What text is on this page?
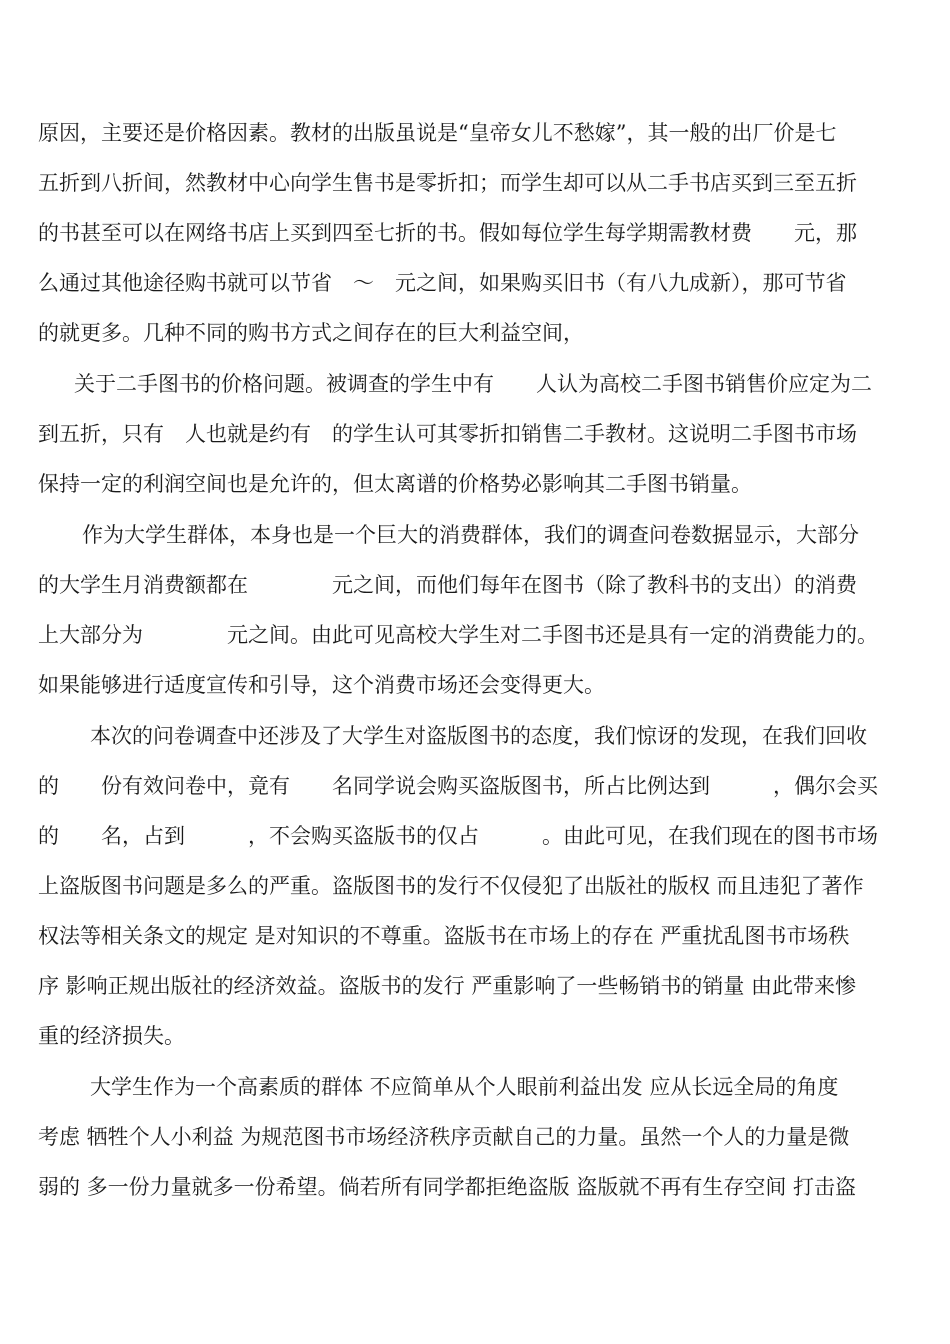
原因，主要还是价格因素。教材的出版虽说是“皇帝女儿不愁嫁”，其一般的出厂价是七
五折到八折间，然教材中心向学生售书是零折扣；而学生却可以从二手书店买到三至五折
的书甚至可以在网络书店上买到四至七折的书。假如每位学生每学期需教材费　　元，那
么通过其他途径购书就可以节省　～　元之间，如果购买旧书（有八九成新），那可节省
的就更多。几种不同的购书方式之间存在的巨大利益空间，
关于二手图书的价格问题。被调查的学生中有　　人认为高校二手图书销售价应定为二
到五折，只有　人也就是约有　的学生认可其零折扣销售二手教材。这说明二手图书市场
保持一定的利润空间也是允许的，但太离谱的价格势必影响其二手图书销量。
作为大学生群体，本身也是一个巨大的消费群体，我们的调查问卷数据显示，大部分
的大学生月消费额都在　　　　元之间，而他们每年在图书（除了教科书的支出）的消费
上大部分为　　　　元之间。由此可见高校大学生对二手图书还是具有一定的消费能力的。
如果能够进行适度宣传和引导，这个消费市场还会变得更大。
本次的问卷调查中还涉及了大学生对盗版图书的态度，我们惊讶的发现，在我们回收
的　　份有效问卷中，竟有　　名同学说会购买盗版图书，所占比例达到　　　，偶尔会买
的　　名，占到　　　，不会购买盗版书的仅占　　　。由此可见，在我们现在的图书市场
上盗版图书问题是多么的严重。盗版图书的发行不仅侵犯了出版社的版权 而且违犯了著作
权法等相关条文的规定 是对知识的不尊重。盗版书在市场上的存在 严重扰乱图书市场秩
序 影响正规出版社的经济效益。盗版书的发行 严重影响了一些畅销书的销量 由此带来惨
重的经济损失。
大学生作为一个高素质的群体 不应简单从个人眼前利益出发 应从长远全局的角度
考虑 牺牲个人小利益 为规范图书市场经济秩序贡献自己的力量。虽然一个人的力量是微
弱的 多一份力量就多一份希望。倘若所有同学都拒绝盗版 盗版就不再有生存空间 打击盗
